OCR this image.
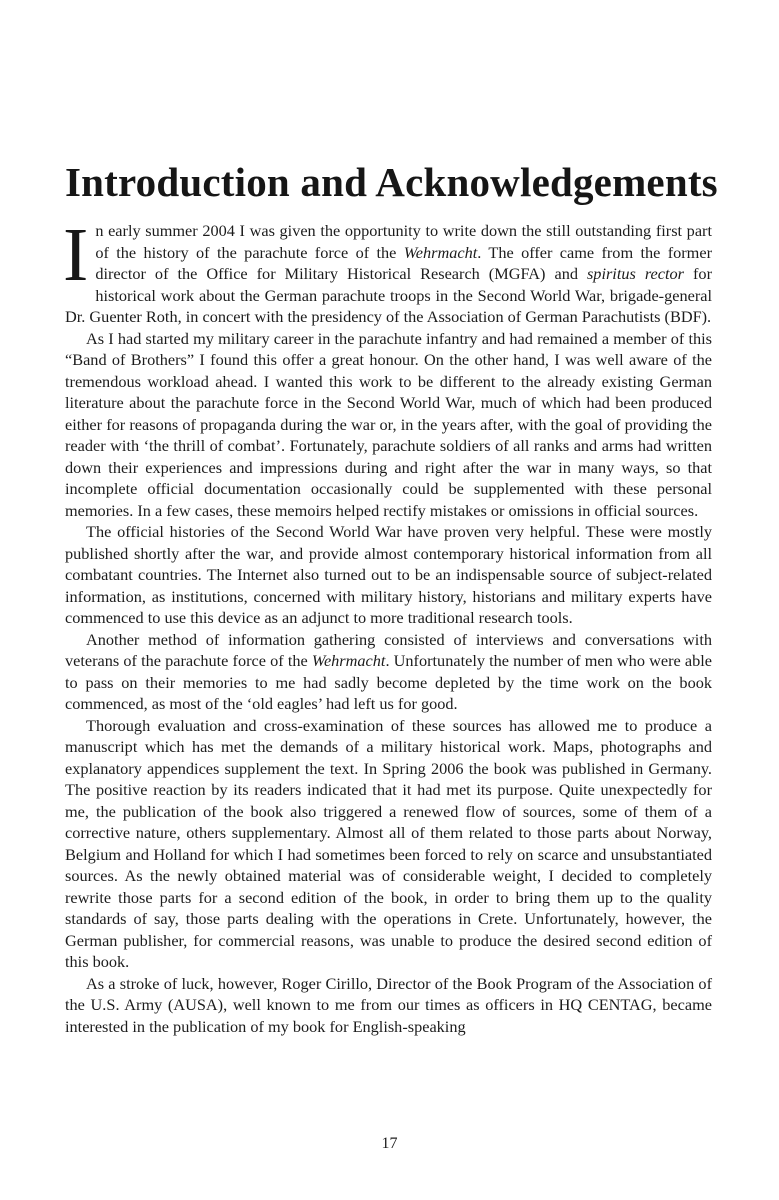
Introduction and Acknowledgements

In early summer 2004 I was given the opportunity to write down the still outstanding first part of the history of the parachute force of the Wehrmacht. The offer came from the former director of the Office for Military Historical Research (MGFA) and spiritus rector for historical work about the German parachute troops in the Second World War, brigade-general Dr. Guenter Roth, in concert with the presidency of the Association of German Parachutists (BDF).

As I had started my military career in the parachute infantry and had remained a member of this “Band of Brothers” I found this offer a great honour. On the other hand, I was well aware of the tremendous workload ahead. I wanted this work to be different to the already existing German literature about the parachute force in the Second World War, much of which had been produced either for reasons of propaganda during the war or, in the years after, with the goal of providing the reader with ‘the thrill of combat’. Fortunately, parachute soldiers of all ranks and arms had written down their experiences and impressions during and right after the war in many ways, so that incomplete official documentation occasionally could be supplemented with these personal memories. In a few cases, these memoirs helped rectify mistakes or omissions in official sources.

The official histories of the Second World War have proven very helpful. These were mostly published shortly after the war, and provide almost contemporary historical information from all combatant countries. The Internet also turned out to be an indispensable source of subject-related information, as institutions, concerned with military history, historians and military experts have commenced to use this device as an adjunct to more traditional research tools.

Another method of information gathering consisted of interviews and conversations with veterans of the parachute force of the Wehrmacht. Unfortunately the number of men who were able to pass on their memories to me had sadly become depleted by the time work on the book commenced, as most of the ‘old eagles’ had left us for good.

Thorough evaluation and cross-examination of these sources has allowed me to produce a manuscript which has met the demands of a military historical work. Maps, photographs and explanatory appendices supplement the text. In Spring 2006 the book was published in Germany. The positive reaction by its readers indicated that it had met its purpose. Quite unexpectedly for me, the publication of the book also triggered a renewed flow of sources, some of them of a corrective nature, others supplementary. Almost all of them related to those parts about Norway, Belgium and Holland for which I had sometimes been forced to rely on scarce and unsubstantiated sources. As the newly obtained material was of considerable weight, I decided to completely rewrite those parts for a second edition of the book, in order to bring them up to the quality standards of say, those parts dealing with the operations in Crete. Unfortunately, however, the German publisher, for commercial reasons, was unable to produce the desired second edition of this book.

As a stroke of luck, however, Roger Cirillo, Director of the Book Program of the Association of the U.S. Army (AUSA), well known to me from our times as officers in HQ CENTAG, became interested in the publication of my book for English-speaking

17
